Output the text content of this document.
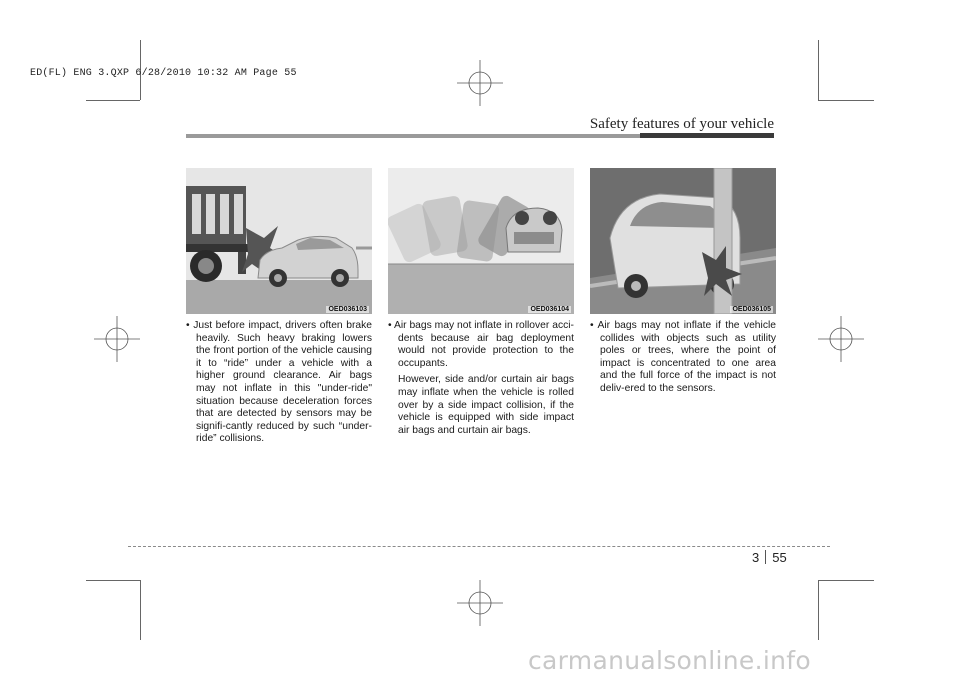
ED(FL) ENG 3.QXP 6/28/2010 10:32 AM Page 55
Safety features of your vehicle
OED036103	OED036104	OED036105

• Just before impact, drivers often brake heavily. Such heavy braking lowers the front portion of the vehicle causing it to “ride” under a vehicle with a higher ground clearance. Air bags may not inflate in this "under-ride" situation because deceleration forces that are detected by sensors may be signifi-cantly reduced by such “under-ride” collisions.

• Air bags may not inflate in rollover acci-dents because air bag deployment would not provide protection to the occupants.

However, side and/or curtain air bags may inflate when the vehicle is rolled over by a side impact collision, if the vehicle is equipped with side impact air bags and curtain air bags.

• Air bags may not inflate if the vehicle collides with objects such as utility poles or trees, where the point of impact is concentrated to one area and the full force of the impact is not deliv-ered to the sensors.

3 55
carmanualsonline.info
